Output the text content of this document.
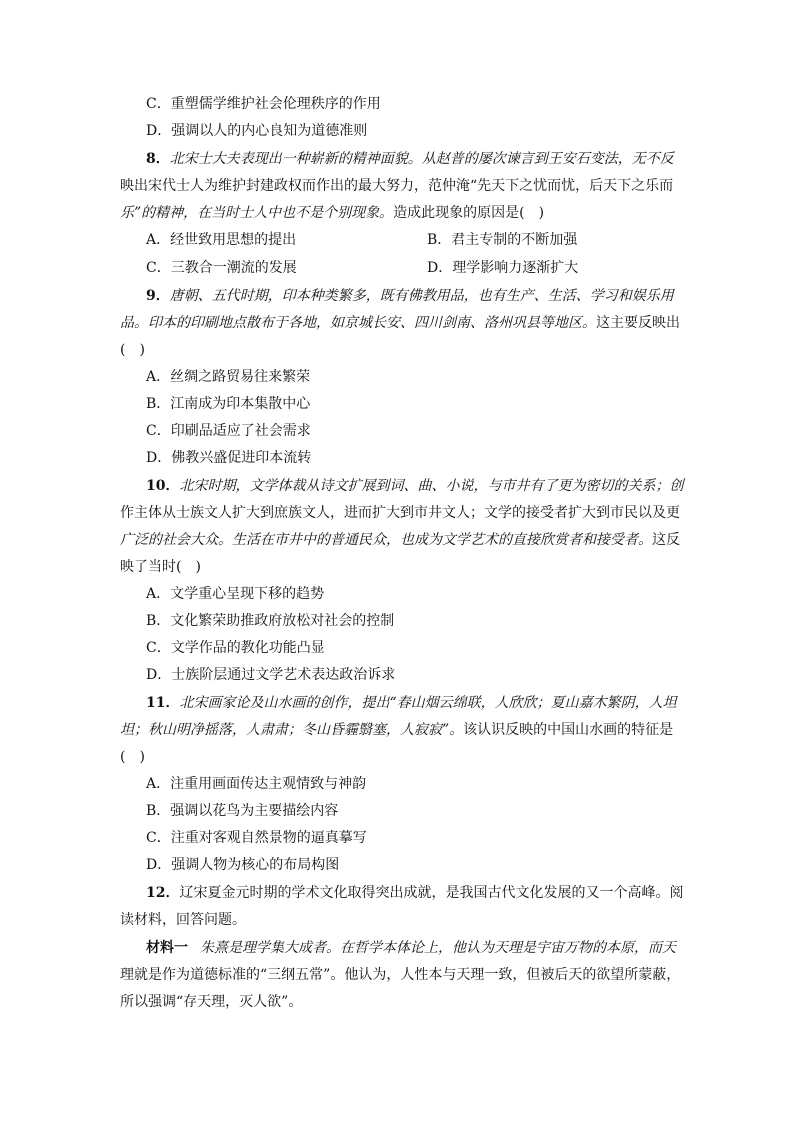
C．重塑儒学维护社会伦理秩序的作用
D．强调以人的内心良知为道德准则
8．北宋士大夫表现出一种崭新的精神面貌。从赵普的屡次谏言到王安石变法，无不反
映出宋代士人为维护封建政权而作出的最大努力，范仲淹“先天下之忧而忧，后天下之乐而
乐”的精神，在当时士人中也不是个别现象。造成此现象的原因是(　)
A．经世致用思想的提出	B．君主专制的不断加强
C．三教合一潮流的发展	D．理学影响力逐渐扩大
9．唐朝、五代时期，印本种类繁多，既有佛教用品，也有生产、生活、学习和娱乐用
品。印本的印刷地点散布于各地，如京城长安、四川剑南、洛州巩县等地区。这主要反映出
(　)
A．丝绸之路贸易往来繁荣
B．江南成为印本集散中心
C．印刷品适应了社会需求
D．佛教兴盛促进印本流转
10．北宋时期，文学体裁从诗文扩展到词、曲、小说，与市井有了更为密切的关系；创
作主体从士族文人扩大到庶族文人，进而扩大到市井文人；文学的接受者扩大到市民以及更
广泛的社会大众。生活在市井中的普通民众，也成为文学艺术的直接欣赏者和接受者。这反
映了当时(　)
A．文学重心呈现下移的趋势
B．文化繁荣助推政府放松对社会的控制
C．文学作品的教化功能凸显
D．士族阶层通过文学艺术表达政治诉求
11．北宋画家论及山水画的创作，提出“春山烟云绵联，人欣欣；夏山嘉木繁阴，人坦
坦；秋山明净摇落，人肃肃；冬山昏霾翳塞，人寂寂”。该认识反映的中国山水画的特征是
(　)
A．注重用画面传达主观情致与神韵
B．强调以花鸟为主要描绘内容
C．注重对客观自然景物的逼真摹写
D．强调人物为核心的布局构图
12．辽宋夏金元时期的学术文化取得突出成就，是我国古代文化发展的又一个高峰。阅
读材料，回答问题。
材料一 朱熹是理学集大成者。在哲学本体论上，他认为天理是宇宙万物的本原，而天
理就是作为道德标准的“三纲五常”。他认为，人性本与天理一致，但被后天的欲望所蒙蔽，
所以强调“存天理，灭人欲”。
